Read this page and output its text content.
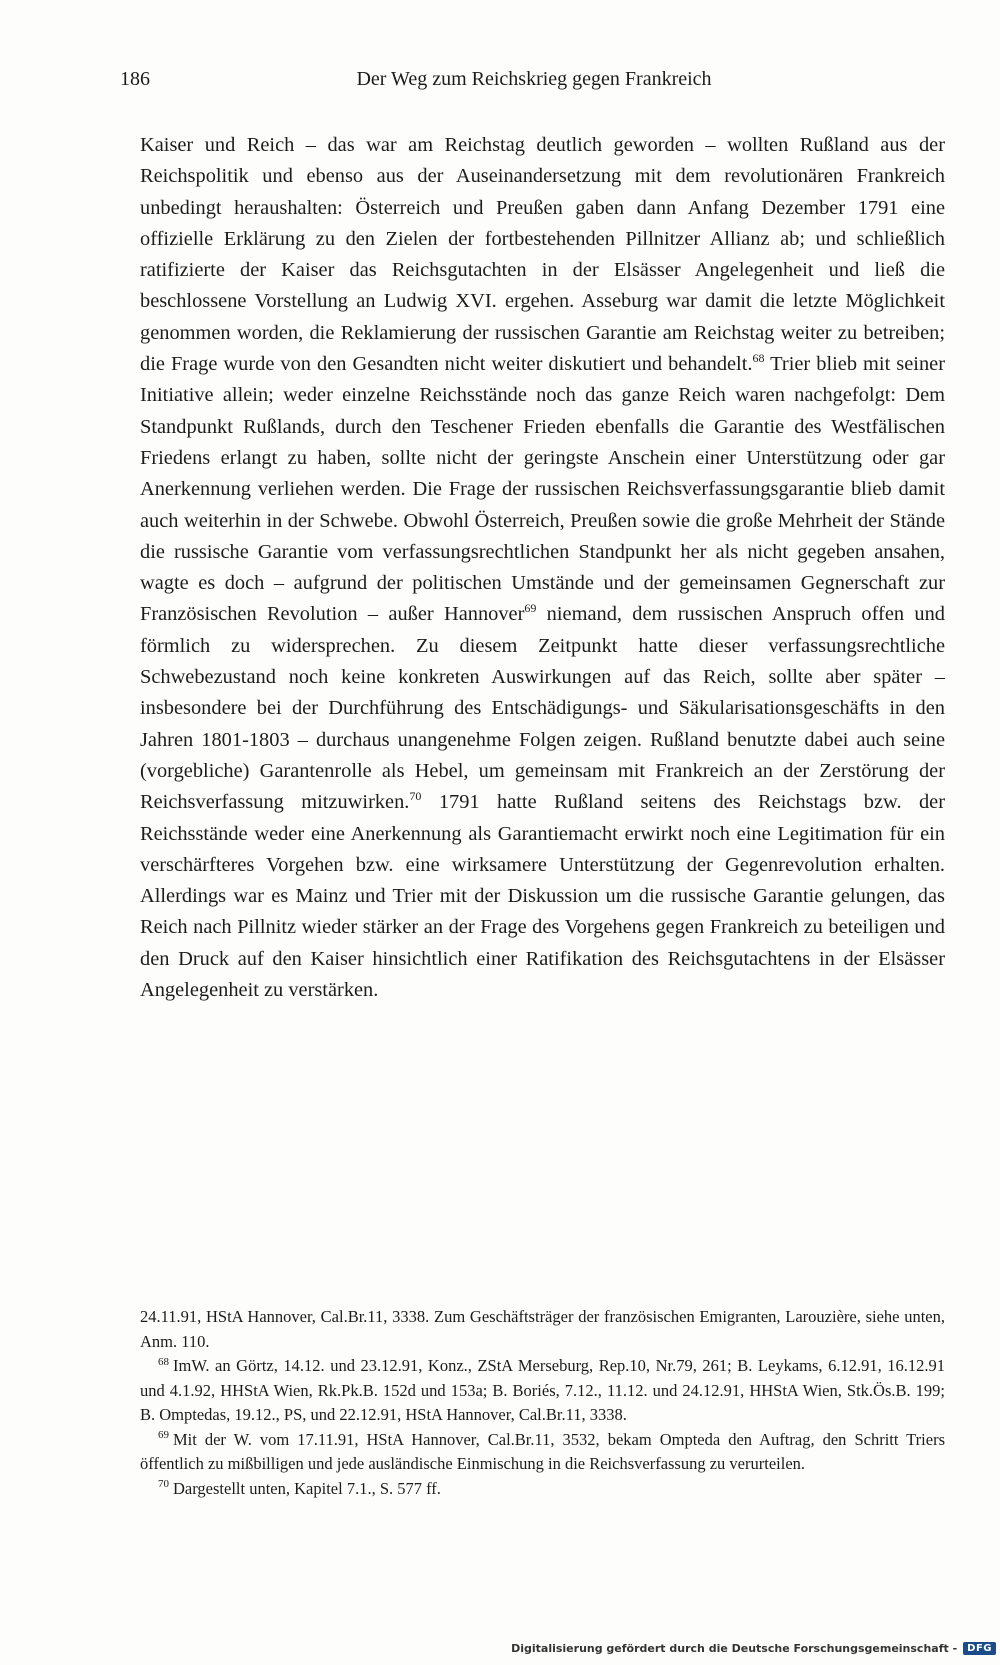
186	Der Weg zum Reichskrieg gegen Frankreich

Kaiser und Reich – das war am Reichstag deutlich geworden – wollten Rußland aus der Reichspolitik und ebenso aus der Auseinandersetzung mit dem revolutionären Frankreich unbedingt heraushalten: Österreich und Preußen gaben dann Anfang Dezember 1791 eine offizielle Erklärung zu den Zielen der fortbestehenden Pillnitzer Allianz ab; und schließlich ratifizierte der Kaiser das Reichsgutachten in der Elsässer Angelegenheit und ließ die beschlossene Vorstellung an Ludwig XVI. ergehen. Asseburg war damit die letzte Möglichkeit genommen worden, die Reklamierung der russischen Garantie am Reichstag weiter zu betreiben; die Frage wurde von den Gesandten nicht weiter diskutiert und behandelt.$^{68}$ Trier blieb mit seiner Initiative allein; weder einzelne Reichsstände noch das ganze Reich waren nachgefolgt: Dem Standpunkt Rußlands, durch den Teschener Frieden ebenfalls die Garantie des Westfälischen Friedens erlangt zu haben, sollte nicht der geringste Anschein einer Unterstützung oder gar Anerkennung verliehen werden. Die Frage der russischen Reichsverfassungsgarantie blieb damit auch weiterhin in der Schwebe. Obwohl Österreich, Preußen sowie die große Mehrheit der Stände die russische Garantie vom verfassungsrechtlichen Standpunkt her als nicht gegeben ansahen, wagte es doch – aufgrund der politischen Umstände und der gemeinsamen Gegnerschaft zur Französischen Revolution – außer Hannover$^{69}$ niemand, dem russischen Anspruch offen und förmlich zu widersprechen. Zu diesem Zeitpunkt hatte dieser verfassungsrechtliche Schwebezustand noch keine konkreten Auswirkungen auf das Reich, sollte aber später – insbesondere bei der Durchführung des Entschädigungs- und Säkularisationsgeschäfts in den Jahren 1801-1803 – durchaus unangenehme Folgen zeigen. Rußland benutzte dabei auch seine (vorgebliche) Garantenrolle als Hebel, um gemeinsam mit Frankreich an der Zerstörung der Reichsverfassung mitzuwirken.$^{70}$ 1791 hatte Rußland seitens des Reichstags bzw. der Reichsstände weder eine Anerkennung als Garantiemacht erwirkt noch eine Legitimation für ein verschärfteres Vorgehen bzw. eine wirksamere Unterstützung der Gegenrevolution erhalten. Allerdings war es Mainz und Trier mit der Diskussion um die russische Garantie gelungen, das Reich nach Pillnitz wieder stärker an der Frage des Vorgehens gegen Frankreich zu beteiligen und den Druck auf den Kaiser hinsichtlich einer Ratifikation des Reichsgutachtens in der Elsässer Angelegenheit zu verstärken.

24.11.91, HStA Hannover, Cal.Br.11, 3338. Zum Geschäftsträger der französischen Emigranten, Larouzière, siehe unten, Anm. 110.

$^{68}$ ImW. an Görtz, 14.12. und 23.12.91, Konz., ZStA Merseburg, Rep.10, Nr.79, 261; B. Leykams, 6.12.91, 16.12.91 und 4.1.92, HHStA Wien, Rk.Pk.B. 152d und 153a; B. Boriés, 7.12., 11.12. und 24.12.91, HHStA Wien, Stk.Ös.B. 199; B. Omptedas, 19.12., PS, und 22.12.91, HStA Hannover, Cal.Br.11, 3338.

$^{69}$ Mit der W. vom 17.11.91, HStA Hannover, Cal.Br.11, 3532, bekam Ompteda den Auftrag, den Schritt Triers öffentlich zu mißbilligen und jede ausländische Einmischung in die Reichsverfassung zu verurteilen.

$^{70}$ Dargestellt unten, Kapitel 7.1., S. 577 ff.

Digitalisierung gefördert durch die Deutsche Forschungsgemeinschaft -	DFG
